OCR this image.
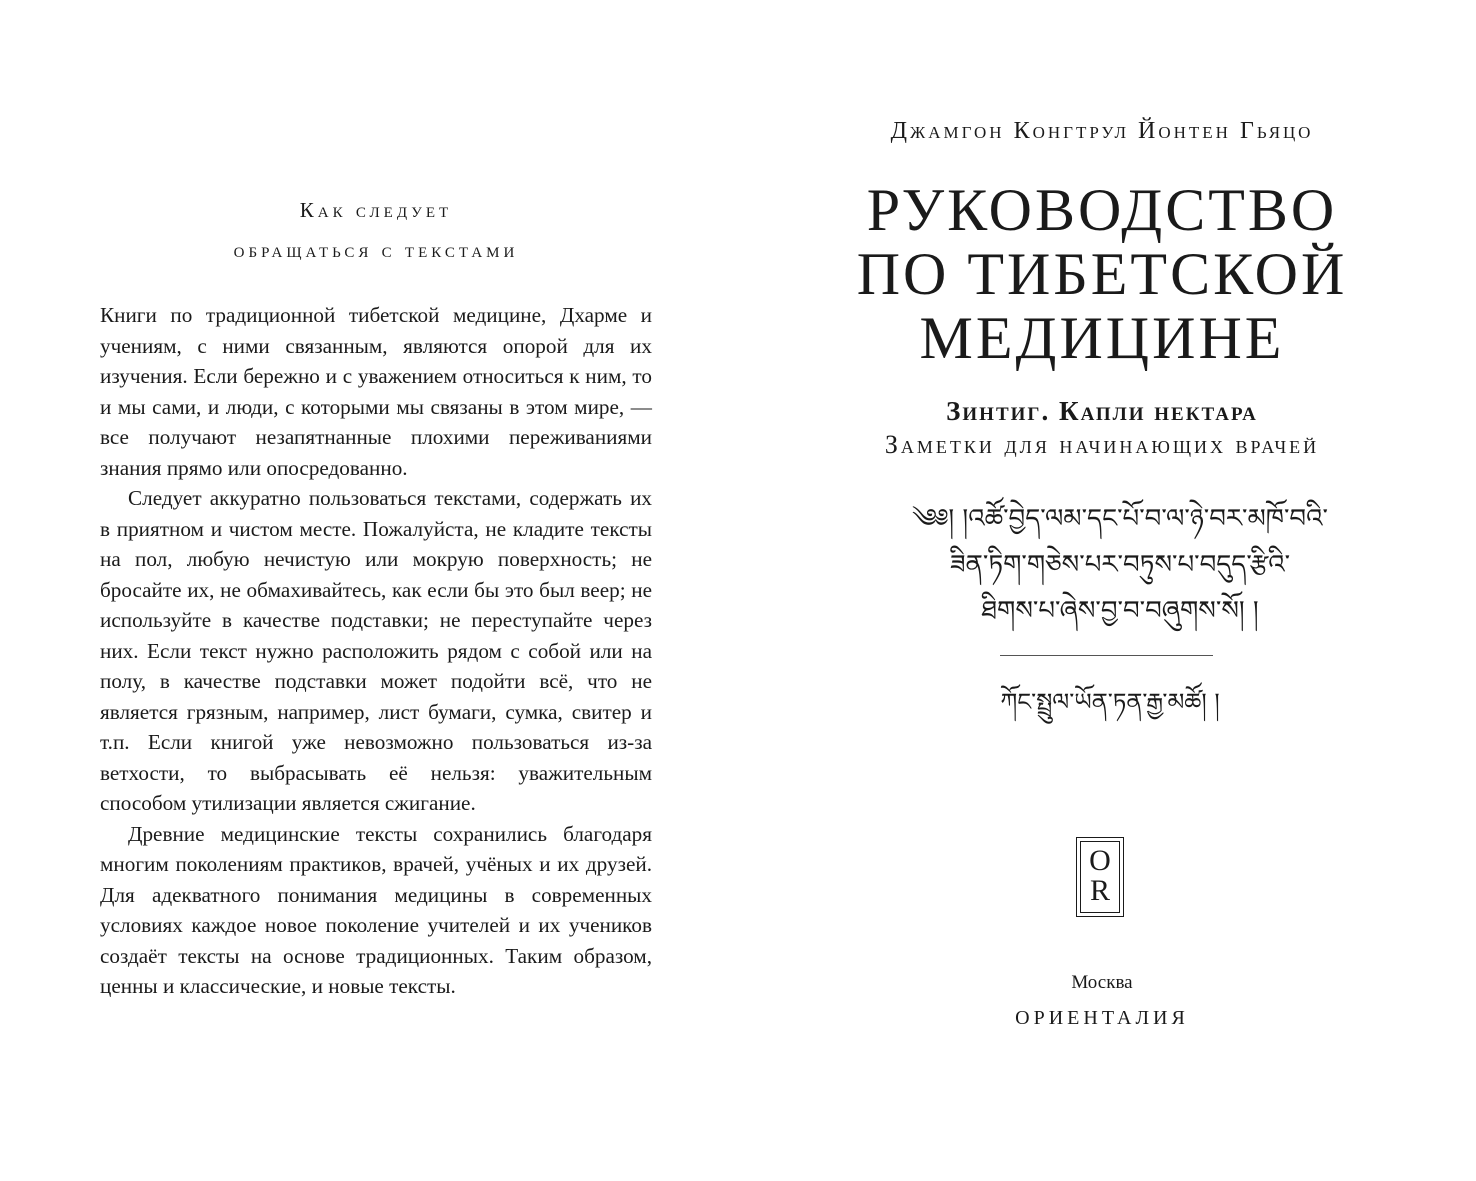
Как следует
обращаться с текстами

Книги по традиционной тибетской медицине, Дхарме и учениям, с ними связанным, являются опорой для их изучения. Если бережно и с уважением относиться к ним, то и мы сами, и люди, с которыми мы связаны в этом мире, — все получают незапятнанные плохими переживаниями знания прямо или опосредованно.

Следует аккуратно пользоваться текстами, содержать их в приятном и чистом месте. Пожалуйста, не кладите тексты на пол, любую нечистую или мокрую поверхность; не бросайте их, не обмахивайтесь, как если бы это был веер; не используйте в качестве подставки; не переступайте через них. Если текст нужно расположить рядом с собой или на полу, в качестве подставки может подойти всё, что не является грязным, например, лист бумаги, сумка, свитер и т.п. Если книгой уже невозможно пользоваться из-за ветхости, то выбрасывать её нельзя: уважительным способом утилизации является сжигание.

Древние медицинские тексты сохранились благодаря многим поколениям практиков, врачей, учёных и их друзей. Для адекватного понимания медицины в современных условиях каждое новое поколение учителей и их учеников создаёт тексты на основе традиционных. Таким образом, ценны и классические, и новые тексты.

Джамгон Конгтрул Йонтен Гьяцо
РУКОВОДСТВО
ПО ТИБЕТСКОЙ
МЕДИЦИНЕ
Зинтиг. Капли нектара
Заметки для начинающих врачей
༄༅། །འཚོ་བྱེད་ལམ་དང་པོ་བ་ལ་ཉེ་བར་མཁོ་བའི་
ཟིན་ཏིག་གཅེས་པར་བཏུས་པ་བདུད་རྩིའི་
ཐིགས་པ་ཞེས་བྱ་བ་བཞུགས་སོ། །
ཀོང་སྤྲུལ་ཡོན་ཏན་རྒྱ་མཚོ། །
O
R
Москва
ОРИЕНТАЛИЯ
